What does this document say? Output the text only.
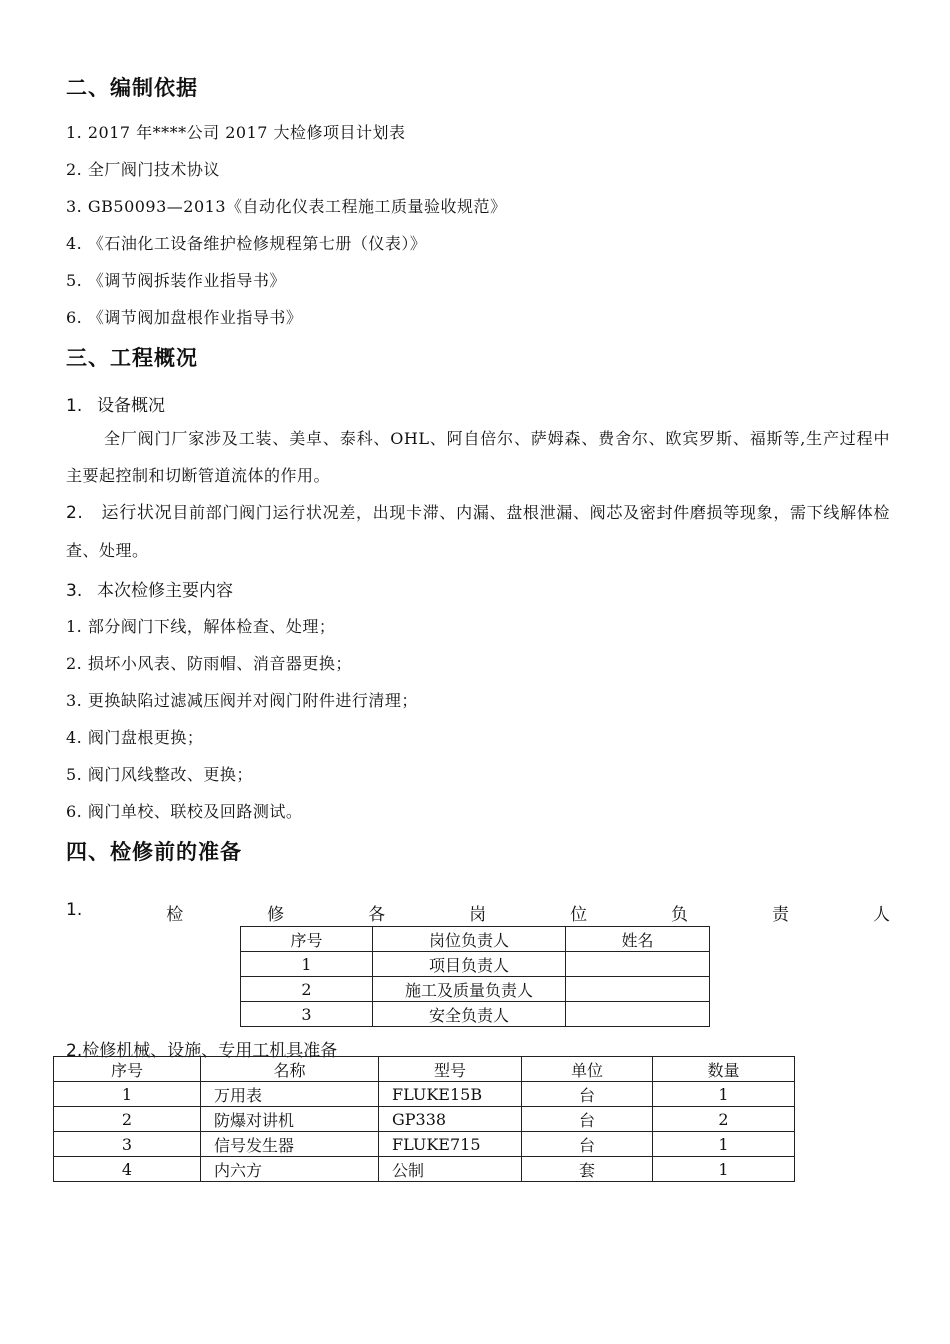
二、编制依据
1. 2017 年****公司 2017 大检修项目计划表
2. 全厂阀门技术协议
3. GB50093—2013《自动化仪表工程施工质量验收规范》
4. 《石油化工设备维护检修规程第七册（仪表）》
5. 《调节阀拆装作业指导书》
6. 《调节阀加盘根作业指导书》
三、工程概况
1. 设备概况
全厂阀门厂家涉及工装、美卓、泰科、OHL、阿自倍尔、萨姆森、费舍尔、欧宾罗斯、福斯等,生产过程中主要起控制和切断管道流体的作用。
2. 运行状况目前部门阀门运行状况差，出现卡滞、内漏、盘根泄漏、阀芯及密封件磨损等现象，需下线解体检查、处理。
3. 本次检修主要内容
1. 部分阀门下线，解体检查、处理；
2. 损坏小风表、防雨帽、消音器更换；
3. 更换缺陷过滤减压阀并对阀门附件进行清理；
4. 阀门盘根更换；
5. 阀门风线整改、更换；
6. 阀门单校、联校及回路测试。
四、检修前的准备
1.	检	修	各	岗	位	负	责	人
序号	岗位负责人	姓名
1	项目负责人	
2	施工及质量负责人	
3	安全负责人	
2.检修机械、设施、专用工机具准备
序号	名称	型号	单位	数量
1	万用表	FLUKE15B	台	1
2	防爆对讲机	GP338	台	2
3	信号发生器	FLUKE715	台	1
4	内六方	公制	套	1
